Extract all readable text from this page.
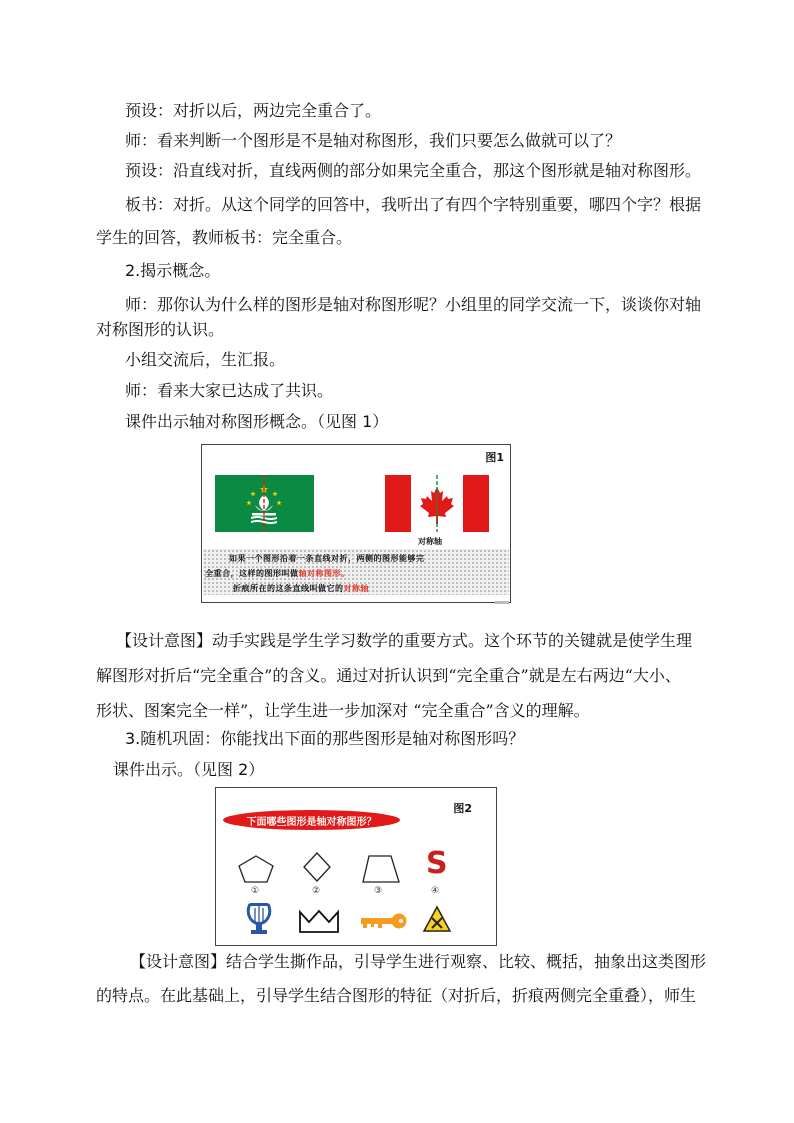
预设：对折以后，两边完全重合了。
师：看来判断一个图形是不是轴对称图形，我们只要怎么做就可以了？
预设：沿直线对折，直线两侧的部分如果完全重合，那这个图形就是轴对称图形。
板书：对折。从这个同学的回答中，我听出了有四个字特别重要，哪四个字？根据
学生的回答，教师板书：完全重合。
2.揭示概念。
师：那你认为什么样的图形是轴对称图形呢？小组里的同学交流一下，谈谈你对轴
对称图形的认识。
小组交流后，生汇报。
师：看来大家已达成了共识。
课件出示轴对称图形概念。（见图 1）
图1
对称轴
如果一个图形沿着一条直线对折，两侧的图形能够完
全重合，这样的图形叫做轴对称图形。
折痕所在的这条直线叫做它的对称轴
【设计意图】动手实践是学生学习数学的重要方式。这个环节的关键就是使学生理
解图形对折后“完全重合”的含义。通过对折认识到“完全重合”就是左右两边“大小、
形状、图案完全一样”，让学生进一步加深对 “完全重合”含义的理解。
3.随机巩固：你能找出下面的那些图形是轴对称图形吗？
课件出示。（见图 2）
图2
下面哪些图形是轴对称图形？
①	②	③
S
④
【设计意图】结合学生撕作品，引导学生进行观察、比较、概括，抽象出这类图形
的特点。在此基础上，引导学生结合图形的特征（对折后，折痕两侧完全重叠），师生
